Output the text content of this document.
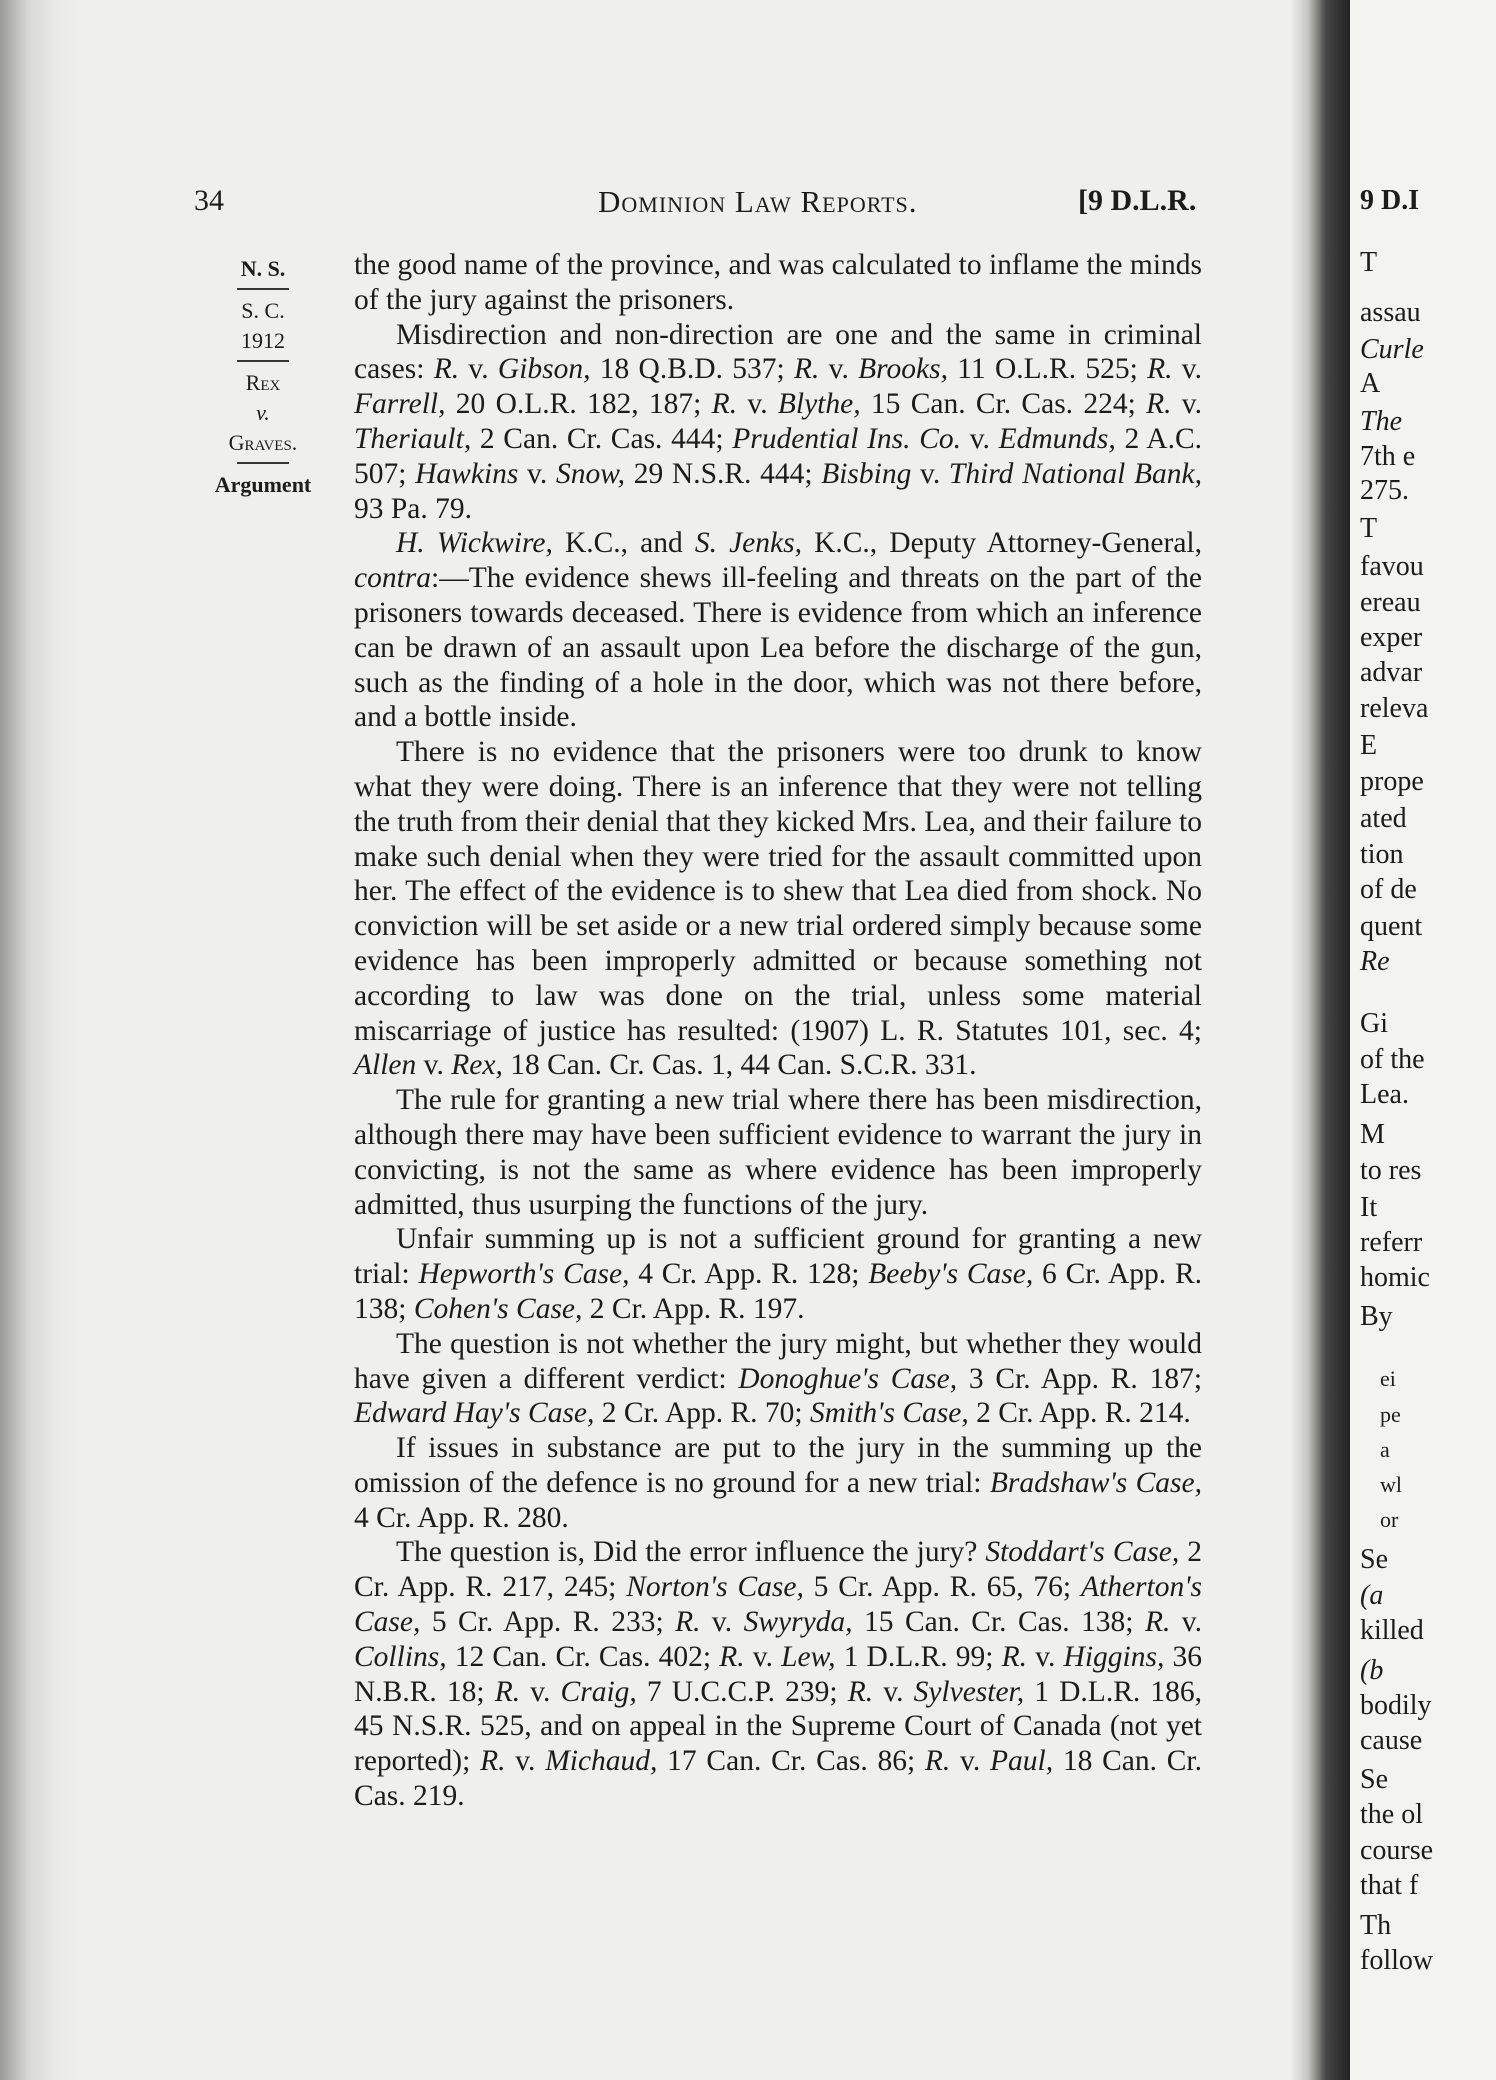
34	Dominion Law Reports.	[9 D.L.R.
N. S.
S. C.
1912
Rex
v.
Graves.
Argument

the good name of the province, and was calculated to inflame the minds of the jury against the prisoners.

Misdirection and non-direction are one and the same in criminal cases: R. v. Gibson, 18 Q.B.D. 537; R. v. Brooks, 11 O.L.R. 525; R. v. Farrell, 20 O.L.R. 182, 187; R. v. Blythe, 15 Can. Cr. Cas. 224; R. v. Theriault, 2 Can. Cr. Cas. 444; Prudential Ins. Co. v. Edmunds, 2 A.C. 507; Hawkins v. Snow, 29 N.S.R. 444; Bisbing v. Third National Bank, 93 Pa. 79.

H. Wickwire, K.C., and S. Jenks, K.C., Deputy Attorney-General, contra:—The evidence shews ill-feeling and threats on the part of the prisoners towards deceased. There is evidence from which an inference can be drawn of an assault upon Lea before the discharge of the gun, such as the finding of a hole in the door, which was not there before, and a bottle inside.

There is no evidence that the prisoners were too drunk to know what they were doing. There is an inference that they were not telling the truth from their denial that they kicked Mrs. Lea, and their failure to make such denial when they were tried for the assault committed upon her. The effect of the evidence is to shew that Lea died from shock. No conviction will be set aside or a new trial ordered simply because some evidence has been improperly admitted or because something not according to law was done on the trial, unless some material miscarriage of justice has resulted: (1907) L. R. Statutes 101, sec. 4; Allen v. Rex, 18 Can. Cr. Cas. 1, 44 Can. S.C.R. 331.

The rule for granting a new trial where there has been misdirection, although there may have been sufficient evidence to warrant the jury in convicting, is not the same as where evidence has been improperly admitted, thus usurping the functions of the jury.

Unfair summing up is not a sufficient ground for granting a new trial: Hepworth's Case, 4 Cr. App. R. 128; Beeby's Case, 6 Cr. App. R. 138; Cohen's Case, 2 Cr. App. R. 197.

The question is not whether the jury might, but whether they would have given a different verdict: Donoghue's Case, 3 Cr. App. R. 187; Edward Hay's Case, 2 Cr. App. R. 70; Smith's Case, 2 Cr. App. R. 214.

If issues in substance are put to the jury in the summing up the omission of the defence is no ground for a new trial: Bradshaw's Case, 4 Cr. App. R. 280.

The question is, Did the error influence the jury? Stoddart's Case, 2 Cr. App. R. 217, 245; Norton's Case, 5 Cr. App. R. 65, 76; Atherton's Case, 5 Cr. App. R. 233; R. v. Swyryda, 15 Can. Cr. Cas. 138; R. v. Collins, 12 Can. Cr. Cas. 402; R. v. Lew, 1 D.L.R. 99; R. v. Higgins, 36 N.B.R. 18; R. v. Craig, 7 U.C.C.P. 239; R. v. Sylvester, 1 D.L.R. 186, 45 N.S.R. 525, and on appeal in the Supreme Court of Canada (not yet reported); R. v. Michaud, 17 Can. Cr. Cas. 86; R. v. Paul, 18 Can. Cr. Cas. 219.

9 D.I
T
assau
Curle
A
The
7th e
275.
T
favou
ereau
exper
advar
releva
E
prope
ated
tion
of de
quent
Re
Gi
of the
Lea.
M
to res
It
referr
homic
By
ei
pe
a
wl
or
Se
(a
killed
(b
bodily
cause
Se
the ol
course
that f
Th
follow
